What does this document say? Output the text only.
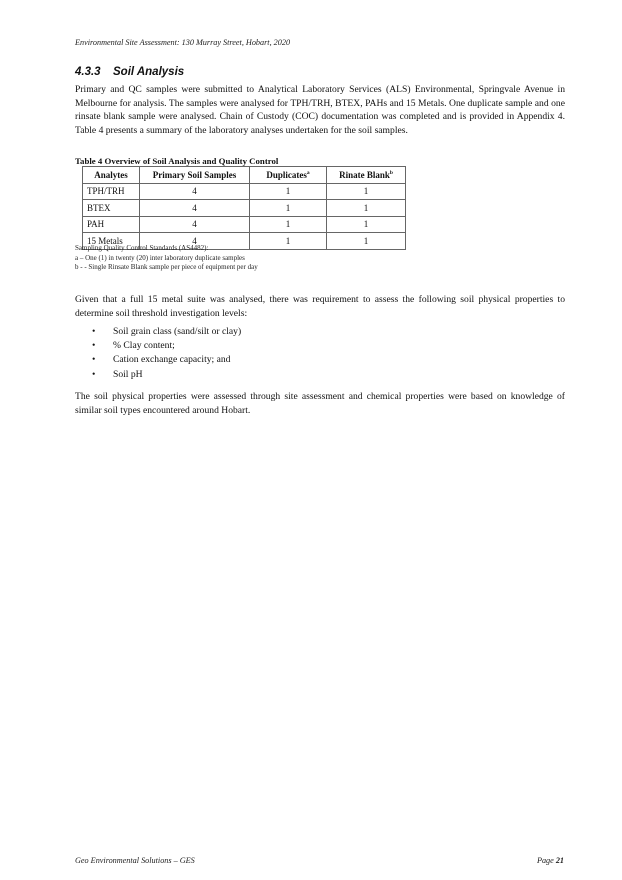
Environmental Site Assessment: 130 Murray Street, Hobart, 2020
4.3.3 Soil Analysis

Primary and QC samples were submitted to Analytical Laboratory Services (ALS) Environmental, Springvale Avenue in Melbourne for analysis. The samples were analysed for TPH/TRH, BTEX, PAHs and 15 Metals. One duplicate sample and one rinsate blank sample were analysed. Chain of Custody (COC) documentation was completed and is provided in Appendix 4. Table 4 presents a summary of the laboratory analyses undertaken for the soil samples.

Table 4 Overview of Soil Analysis and Quality Control
Analytes	Primary Soil Samples	Duplicates$^a$	Rinate Blank$^b$
TPH/TRH	4	1	1
BTEX	4	1	1
PAH	4	1	1
15 Metals	4	1	1
Sampling Quality Control Standards (AS4482):
a – One (1) in twenty (20) inter laboratory duplicate samples
b - - Single Rinsate Blank sample per piece of equipment per day

Given that a full 15 metal suite was analysed, there was requirement to assess the following soil physical properties to determine soil threshold investigation levels:

• Soil grain class (sand/silt or clay)
• % Clay content;
• Cation exchange capacity; and
• Soil pH

The soil physical properties were assessed through site assessment and chemical properties were based on knowledge of similar soil types encountered around Hobart.

Geo Environmental Solutions – GES	Page 21
